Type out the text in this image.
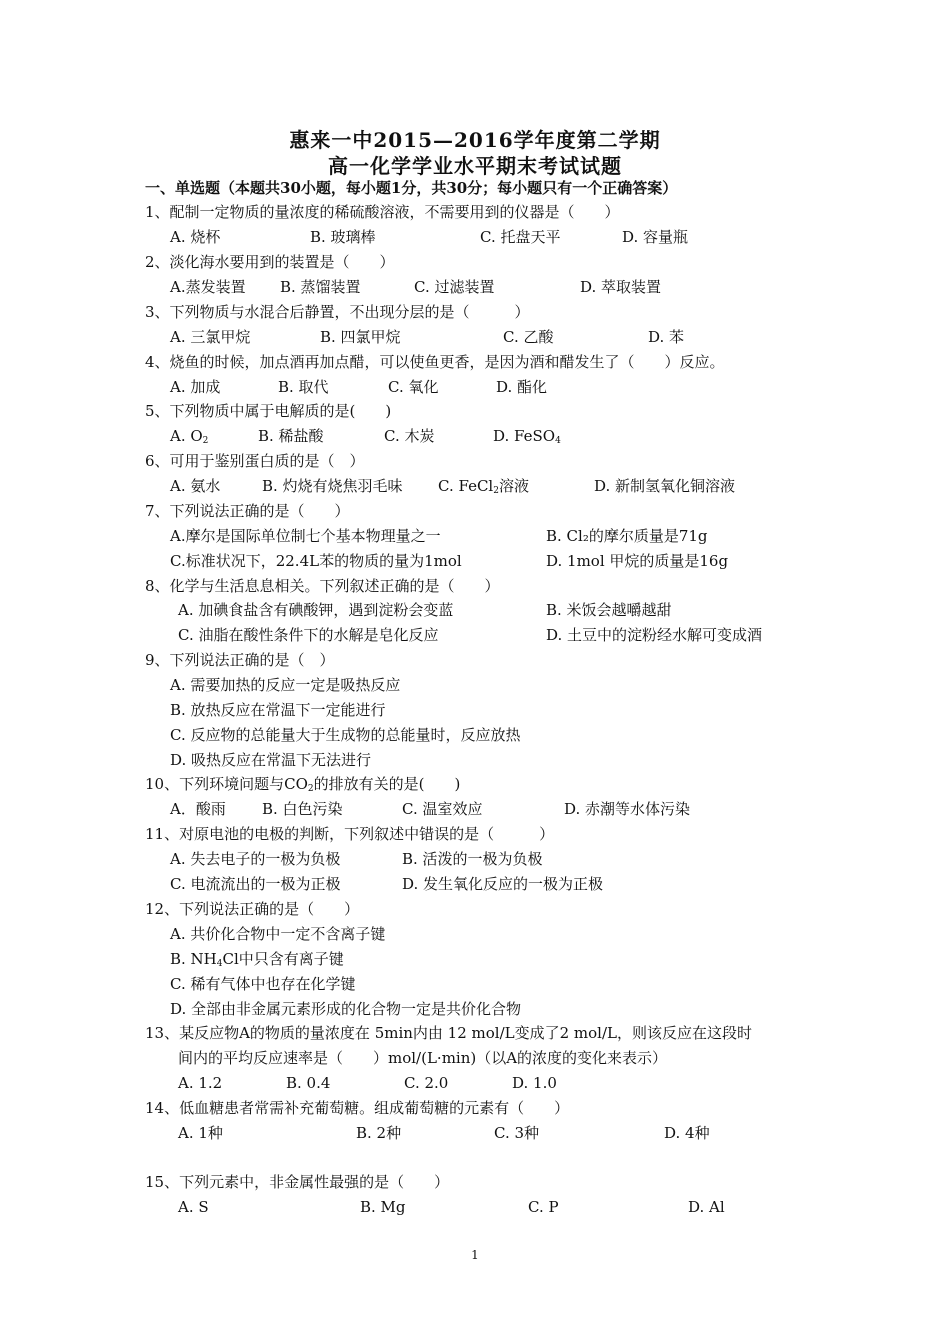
惠来一中2015—2016学年度第二学期
高一化学学业水平期末考试试题
一、单选题（本题共30小题，每小题1分，共30分；每小题只有一个正确答案）
1、配制一定物质的量浓度的稀硫酸溶液，不需要用到的仪器是（　　）
A. 烧杯	B. 玻璃棒	C. 托盘天平	D. 容量瓶
2、淡化海水要用到的装置是（　　）
A.蒸发装置 B. 蒸馏装置	C. 过滤装置	D. 萃取装置
3、下列物质与水混合后静置，不出现分层的是（　　　）
A. 三氯甲烷	B. 四氯甲烷	C. 乙酸	D. 苯
4、烧鱼的时候，加点酒再加点醋，可以使鱼更香，是因为酒和醋发生了（　　）反应。
A. 加成	B. 取代	C. 氧化	D. 酯化
5、下列物质中属于电解质的是(　　)
A. $O_2$	B. 稀盐酸	C. 木炭	D. FeSO$_4$
6、可用于鉴别蛋白质的是（　）
A. 氨水	B. 灼烧有烧焦羽毛味 C. FeCl$_2$溶液	D. 新制氢氧化铜溶液
7、下列说法正确的是（　　）
A.摩尔是国际单位制七个基本物理量之一	B. Cl₂的摩尔质量是71g
C.标准状况下，22.4L苯的物质的量为1mol	D. 1mol 甲烷的质量是16g
8、化学与生活息息相关。下列叙述正确的是（　　）
A. 加碘食盐含有碘酸钾，遇到淀粉会变蓝	B. 米饭会越嚼越甜
C. 油脂在酸性条件下的水解是皂化反应	D. 土豆中的淀粉经水解可变成酒
9、下列说法正确的是（　）
A. 需要加热的反应一定是吸热反应
B. 放热反应在常温下一定能进行
C. 反应物的总能量大于生成物的总能量时，反应放热
D. 吸热反应在常温下无法进行
10、下列环境问题与$CO_2$的排放有关的是(　　)
A．酸雨 B. 白色污染	C. 温室效应	D. 赤潮等水体污染
11、对原电池的电极的判断，下列叙述中错误的是（　　　）
A. 失去电子的一极为负极	B. 活泼的一极为负极
C. 电流流出的一极为正极	D. 发生氧化反应的一极为正极
12、下列说法正确的是（　　）
A. 共价化合物中一定不含离子键
B. $NH_4Cl$中只含有离子键
C. 稀有气体中也存在化学键
D. 全部由非金属元素形成的化合物一定是共价化合物
13、某反应物A的物质的量浓度在 5min内由 12 mol/L变成了2 mol/L，则该反应在这段时
间内的平均反应速率是（　　）mol/(L·min)（以A的浓度的变化来表示）
A. 1.2	B. 0.4	C. 2.0	D. 1.0
14、低血糖患者常需补充葡萄糖。组成葡萄糖的元素有（　　）
A. 1种	B. 2种	C. 3种	D. 4种
15、下列元素中，非金属性最强的是（　　）
A. S	B. Mg	C. P	D. Al
1
